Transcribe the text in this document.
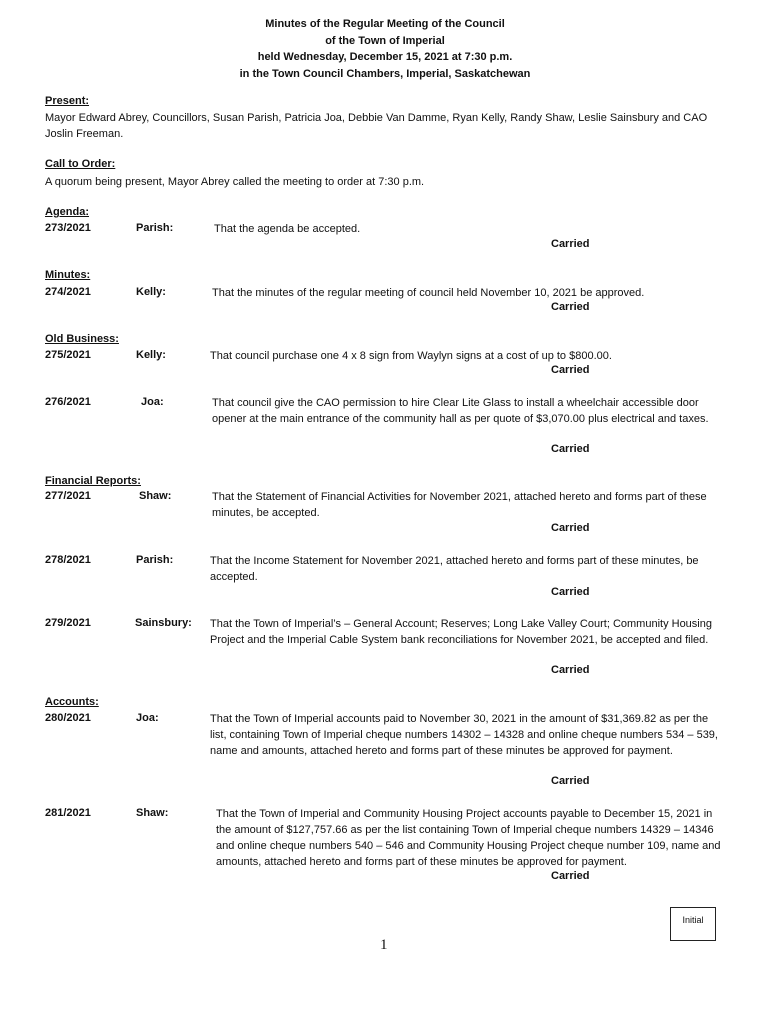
Minutes of the Regular Meeting of the Council
of the Town of Imperial
held Wednesday, December 15, 2021 at 7:30 p.m.
in the Town Council Chambers, Imperial, Saskatchewan
Present:
Mayor Edward Abrey, Councillors, Susan Parish, Patricia Joa, Debbie Van Damme, Ryan Kelly, Randy Shaw, Leslie Sainsbury and CAO Joslin Freeman.
Call to Order:
A quorum being present, Mayor Abrey called the meeting to order at 7:30 p.m.
Agenda:
273/2021	Parish:	That the agenda be accepted.
Carried
Minutes:
274/2021	Kelly:	That the minutes of the regular meeting of council held November 10, 2021 be approved.
Carried
Old Business:
275/2021	Kelly:	That council purchase one 4 x 8 sign from Waylyn signs at a cost of up to $800.00.
Carried
276/2021	Joa:	That council give the CAO permission to hire Clear Lite Glass to install a wheelchair accessible door opener at the main entrance of the community hall as per quote of $3,070.00 plus electrical and taxes.
Carried
Financial Reports:
277/2021	Shaw:	That the Statement of Financial Activities for November 2021, attached hereto and forms part of these minutes, be accepted.
Carried
278/2021	Parish:	That the Income Statement for November 2021, attached hereto and forms part of these minutes, be accepted.
Carried
279/2021	Sainsbury: That the Town of Imperial’s – General Account; Reserves; Long Lake Valley Court; Community Housing Project and the Imperial Cable System bank reconciliations for November 2021, be accepted and filed.
Carried
Accounts:
280/2021	Joa:	That the Town of Imperial accounts paid to November 30, 2021 in the amount of $31,369.82 as per the list, containing Town of Imperial cheque numbers 14302 – 14328 and online cheque numbers 534 – 539, name and amounts, attached hereto and forms part of these minutes be approved for payment.
Carried
281/2021	Shaw:	That the Town of Imperial and Community Housing Project accounts payable to December 15, 2021 in the amount of $127,757.66 as per the list containing Town of Imperial cheque numbers 14329 – 14346 and online cheque numbers 540 – 546 and Community Housing Project cheque number 109, name and amounts, attached hereto and forms part of these minutes be approved for payment.
Carried
Initial
1
